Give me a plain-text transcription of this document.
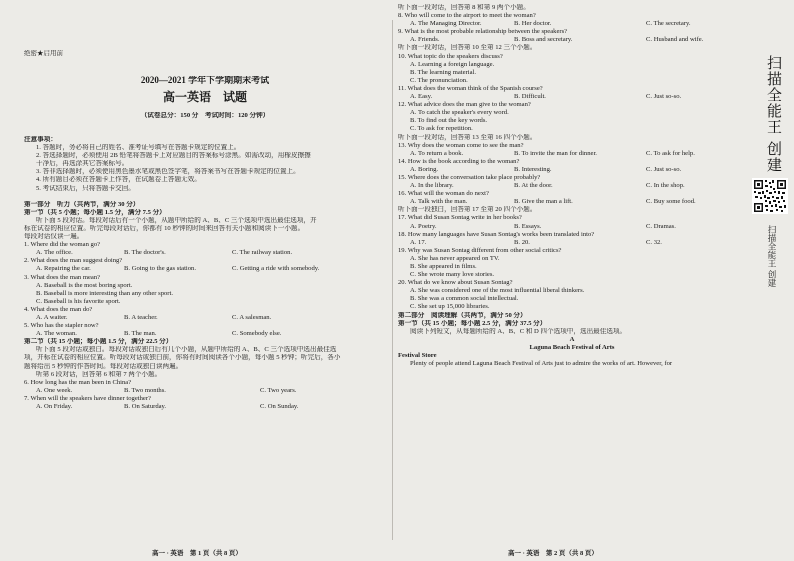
绝密★启用前
2020—2021 学年下学期期末考试
高一英语　试题
（试卷总分：150 分　考试时间：120 分钟）
注意事项：
1. 答题时，务必将自己的姓名、准考证号填写在答题卡规定的位置上。
2. 答选择题时，必须使用 2B 铅笔将答题卡上对应题目的答案标号涂黑。如需改动，用橡皮擦擦
干净后，再选涂其它答案标号。
3. 答非选择题时，必须使用黑色墨水笔或黑色签字笔，将答案书写在答题卡规定的位置上。
4. 所有题目必须在答题卡上作答，在试题卷上答题无效。
5. 考试结束后，只将答题卡交回。
第一部分　听力（共两节，满分 30 分）
第一节（共 5 小题；每小题 1.5 分，满分 7.5 分）
听下面 5 段对话。每段对话后有一个小题，从题中所给的 A、B、C 三个选项中选出最佳选项，并
标在试卷的相应位置。听完每段对话后，你都有 10 秒钟的时间来回答有关小题和阅读下一小题。
每段对话仅读一遍。
1. Where did the woman go?
A. The office.	B. The doctor's.	C. The railway station.
2. What does the man suggest doing?
A. Repairing the car.	B. Going to the gas station.	C. Getting a ride with somebody.
3. What does the man mean?
A. Baseball is the most boring sport.
B. Baseball is more interesting than any other sport.
C. Baseball is his favorite sport.
4. What does the man do?
A. A waiter.	B. A teacher.	C. A salesman.
5. Who has the stapler now?
A. The woman.	B. The man.	C. Somebody else.
第二节（共 15 小题；每小题 1.5 分，满分 22.5 分）
听下面 5 段对话或独白。每段对话或独白后有几个小题，从题中所给的 A、B、C 三个选项中选出最佳选
项，并标在试卷的相应位置。听每段对话或独白前，你将有时间阅读各个小题，每小题 5 秒钟；听完后，各小
题将给出 5 秒钟的作答时间。每段对话或独白读两遍。
听第 6 段对话，回答第 6 和第 7 两个小题。
6. How long has the man been in China?
A. One week.	B. Two months.	C. Two years.
7. When will the speakers have dinner together?
A. On Friday.	B. On Saturday.	C. On Sunday.
高一 · 英语　第 1 页（共 8 页）
听下面一段对话，回答第 8 和第 9 两个小题。
8. Who will come to the airport to meet the woman?
A. The Managing Director.	B. Her doctor.	C. The secretary.
9. What is the most probable relationship between the speakers?
A. Friends.	B. Boss and secretary.	C. Husband and wife.
听下面一段对话，回答第 10 至第 12 三个小题。
10. What topic do the speakers discuss?
A. Learning a foreign language.
B. The learning material.
C. The pronunciation.
11. What does the woman think of the Spanish course?
A. Easy.	B. Difficult.	C. Just so-so.
12. What advice does the man give to the woman?
A. To catch the speaker's every word.
B. To find out the key words.
C. To ask for repetition.
听下面一段对话，回答第 13 至第 16 四个小题。
13. Why does the woman come to see the man?
A. To return a book.	B. To invite the man for dinner.	C. To ask for help.
14. How is the book according to the woman?
A. Boring.	B. Interesting.	C. Just so-so.
15. Where does the conversation take place probably?
A. In the library.	B. At the door.	C. In the shop.
16. What will the woman do next?
A. Talk with the man.	B. Give the man a lift.	C. Buy some food.
听下面一段独白，回答第 17 至第 20 四个小题。
17. What did Susan Sontag write in her books?
A. Poetry.	B. Essays.	C. Dramas.
18. How many languages have Susan Sontag's works been translated into?
A. 17.	B. 20.	C. 32.
19. Why was Susan Sontag different from other social critics?
A. She has never appeared on TV.
B. She appeared in films.
C. She wrote many love stories.
20. What do we know about Susan Sontag?
A. She was considered one of the most influential liberal thinkers.
B. She was a common social intellectual.
C. She set up 15,000 libraries.
第二部分　阅读理解（共两节，满分 50 分）
第一节（共 15 小题；每小题 2.5 分，满分 37.5 分）
阅读下列短文，从每题所给的 A、B、C 和 D 四个选项中，选出最佳选项。
A
Laguna Beach Festival of Arts
Festival Store
Plenty of people attend Laguna Beach Festival of Arts just to admire the works of art. However, for
高一 · 英语　第 2 页（共 8 页）
扫描全能王 创建
扫描全能王 创建
